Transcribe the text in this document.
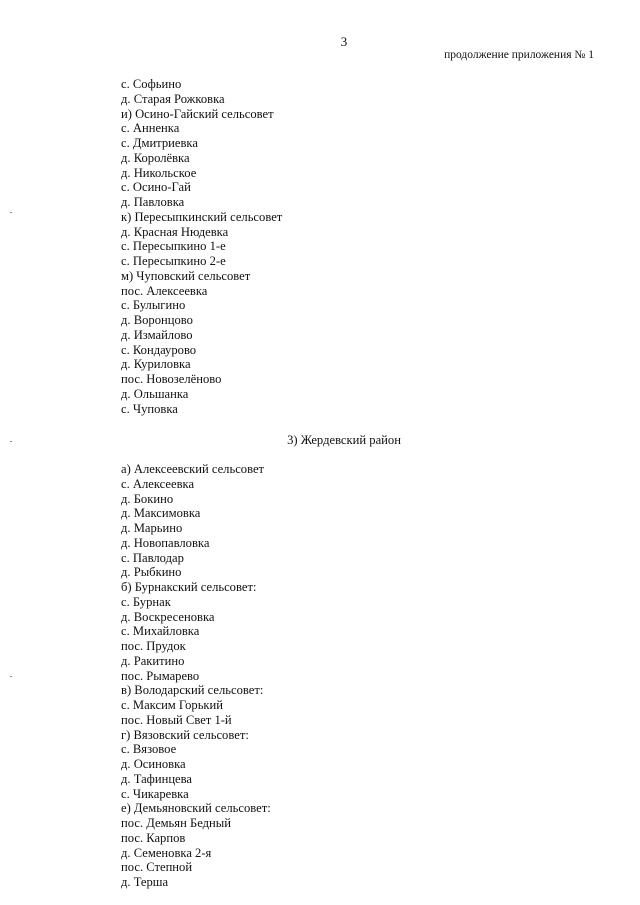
3
продолжение приложения № 1
с. Софьино
д. Старая Рожковка
и) Осино-Гайский сельсовет
с. Анненка
с. Дмитриевка
д. Королёвка
д. Никольское
с. Осино-Гай
д. Павловка
к) Пересыпкинский сельсовет
д. Красная Нюдевка
с. Пересыпкино 1-е
с. Пересыпкино 2-е
м) Чуповский сельсовет
пос. Алексеевка
с. Булыгино
д. Воронцово
д. Измайлово
с. Кондаурово
д. Куриловка
пос. Новозелёново
д. Ольшанка
с. Чуповка
3) Жердевский район
а) Алексеевский сельсовет
с. Алексеевка
д. Бокино
д. Максимовка
д. Марьино
д. Новопавловка
с. Павлодар
д. Рыбкино
б) Бурнакский сельсовет:
с. Бурнак
д. Воскресеновка
с. Михайловка
пос. Прудок
д. Ракитино
пос. Рымарево
в) Володарский сельсовет:
с. Максим Горький
пос. Новый Свет 1-й
г) Вязовский сельсовет:
с. Вязовое
д. Осиновка
д. Тафинцева
с. Чикаревка
е) Демьяновский сельсовет:
пос. Демьян Бедный
пос. Карпов
д. Семеновка 2-я
пос. Степной
д. Терша
